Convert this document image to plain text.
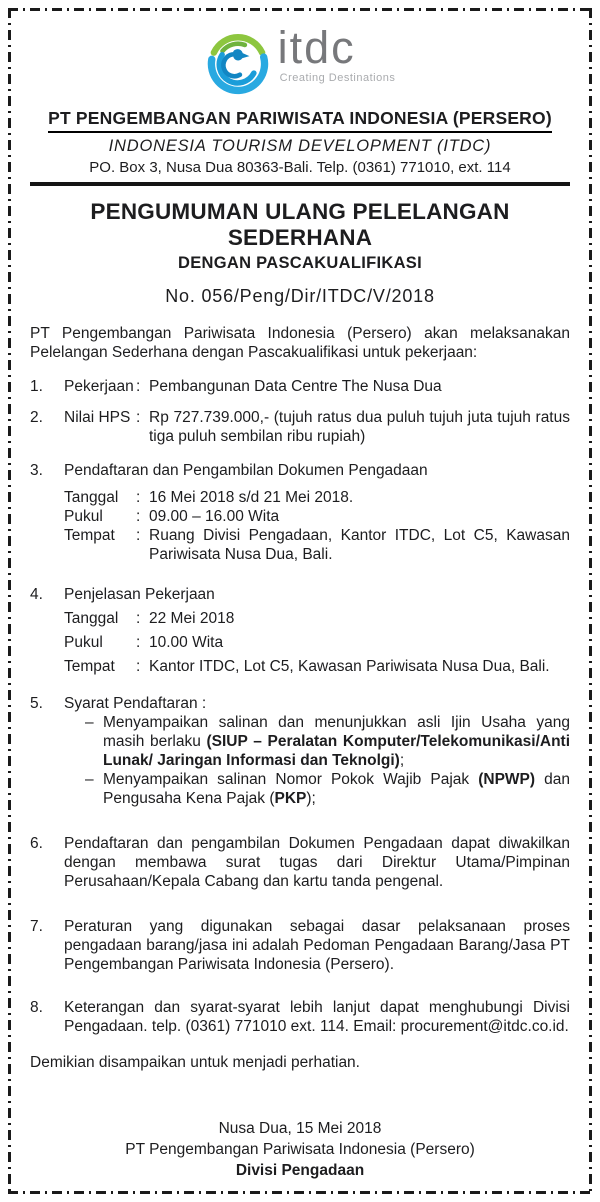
itdc
Creating Destinations
PT PENGEMBANGAN PARIWISATA INDONESIA (PERSERO)
INDONESIA TOURISM DEVELOPMENT (ITDC)
PO. Box 3, Nusa Dua 80363-Bali. Telp. (0361) 771010, ext. 114
PENGUMUMAN ULANG PELELANGAN SEDERHANA
DENGAN PASCAKUALIFIKASI
No. 056/Peng/Dir/ITDC/V/2018
PT Pengembangan Pariwisata Indonesia (Persero) akan melaksanakan Pelelangan Sederhana dengan Pascakualifikasi untuk pekerjaan:
1.	Pekerjaan : Pembangunan Data Centre The Nusa Dua
2.	Nilai HPS : Rp 727.739.000,- (tujuh ratus dua puluh tujuh juta tujuh ratus tiga puluh sembilan ribu rupiah)
3.	Pendaftaran dan Pengambilan Dokumen Pengadaan
Tanggal	: 16 Mei 2018 s/d 21 Mei 2018.
Pukul	: 09.00 – 16.00 Wita
Tempat	: Ruang Divisi Pengadaan, Kantor ITDC, Lot C5, Kawasan Pariwisata Nusa Dua, Bali.
4.	Penjelasan Pekerjaan
Tanggal	: 22 Mei 2018
Pukul	: 10.00 Wita
Tempat	: Kantor ITDC, Lot C5, Kawasan Pariwisata Nusa Dua, Bali.
5.	Syarat Pendaftaran :
– Menyampaikan salinan dan menunjukkan asli Ijin Usaha yang masih berlaku (SIUP – Peralatan Komputer/Telekomunikasi/Anti Lunak/ Jaringan Informasi dan Teknolgi);
– Menyampaikan salinan Nomor Pokok Wajib Pajak (NPWP) dan Pengusaha Kena Pajak (PKP);
6.	Pendaftaran dan pengambilan Dokumen Pengadaan dapat diwakilkan dengan membawa surat tugas dari Direktur Utama/Pimpinan Perusahaan/Kepala Cabang dan kartu tanda pengenal.
7.	Peraturan yang digunakan sebagai dasar pelaksanaan proses pengadaan barang/jasa ini adalah Pedoman Pengadaan Barang/Jasa PT Pengembangan Pariwisata Indonesia (Persero).
8.	Keterangan dan syarat-syarat lebih lanjut dapat menghubungi Divisi Pengadaan. telp. (0361) 771010 ext. 114. Email: procurement@itdc.co.id.
Demikian disampaikan untuk menjadi perhatian.
Nusa Dua, 15 Mei 2018
PT Pengembangan Pariwisata Indonesia (Persero)
Divisi Pengadaan
